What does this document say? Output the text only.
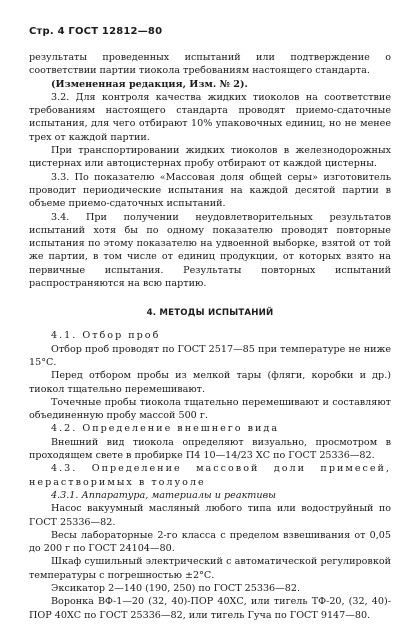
Стр. 4 ГОСТ 12812—80

результаты проведенных испытаний или подтверждение о соответствии партии тиокола требованиям настоящего стандарта.

(Измененная редакция, Изм. № 2).

3.2. Для контроля качества жидких тиоколов на соответствие требованиям настоящего стандарта проводят приемо-сдаточные испытания, для чего отбирают 10% упаковочных единиц, но не менее трех от каждой партии.

При транспортировании жидких тиоколов в железнодорожных цистернах или автоцистернах пробу отбирают от каждой цистерны.

3.3. По показателю «Массовая доля общей серы» изготовитель проводит периодические испытания на каждой десятой партии в объеме приемо-сдаточных испытаний.

3.4. При получении неудовлетворительных результатов испытаний хотя бы по одному показателю проводят повторные испытания по этому показателю на удвоенной выборке, взятой от той же партии, в том числе от единиц продукции, от которых взято на первичные испытания. Результаты повторных испытаний распространяются на всю партию.

4. МЕТОДЫ ИСПЫТАНИЙ

4.1. Отбор проб

Отбор проб проводят по ГОСТ 2517—85 при температуре не ниже 15°С.

Перед отбором пробы из мелкой тары (фляги, коробки и др.) тиокол тщательно перемешивают.

Точечные пробы тиокола тщательно перемешивают и составляют объединенную пробу массой 500 г.

4.2. Определение внешнего вида

Внешний вид тиокола определяют визуально, просмотром в проходящем свете в пробирке П4 10—14/23 ХС по ГОСТ 25336—82.

4.3. Определение массовой доли примесей, нерастворимых в толуоле

4.3.1. Аппаратура, материалы и реактивы

Насос вакуумный масляный любого типа или водоструйный по ГОСТ 25336—82.

Весы лабораторные 2-го класса с пределом взвешивания от 0,05 до 200 г по ГОСТ 24104—80.

Шкаф сушильный электрический с автоматической регулировкой температуры с погрешностью ±2°С.

Эксикатор 2—140 (190, 250) по ГОСТ 25336—82.

Воронка ВФ-1—20 (32, 40)-ПОР 40ХС, или тигель ТФ-20, (32, 40)-ПОР 40ХС по ГОСТ 25336—82, или тигель Гуча по ГОСТ 9147—80.
